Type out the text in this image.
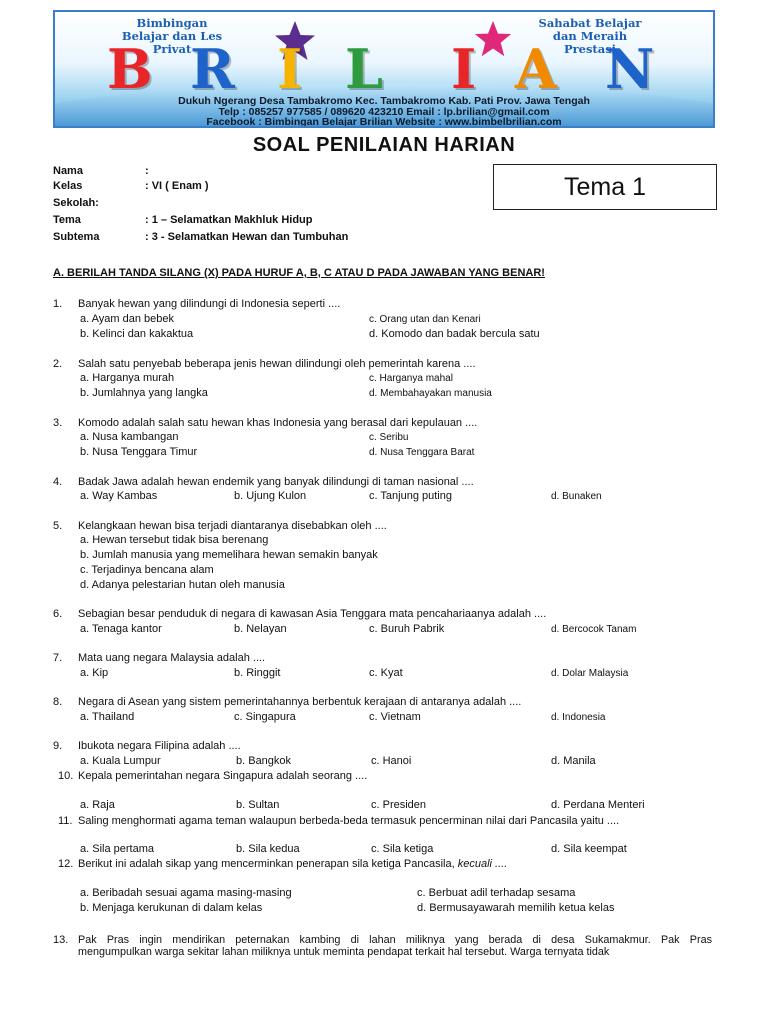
Bimbingan Belajar dan Les Privat
Sahabat Belajar dan Meraih Prestasi
B R I L I A N
Dukuh Ngerang Desa Tambakromo Kec. Tambakromo Kab. Pati Prov. Jawa Tengah
Telp : 085257 977585 / 089620 423210 Email : lp.brilian@gmail.com
Facebook : Bimbingan Belajar Brilian Website : www.bimbelbrilian.com
SOAL PENILAIAN HARIAN
Tema 1
Nama	:
Kelas	: VI ( Enam )
Sekolah:
Tema	: 1 – Selamatkan Makhluk Hidup
Subtema	: 3 - Selamatkan Hewan dan Tumbuhan
A. BERILAH TANDA SILANG (X) PADA HURUF A, B, C ATAU D PADA JAWABAN YANG BENAR!
1. Banyak hewan yang dilindungi di Indonesia seperti ....
a. Ayam dan bebek	c. Orang utan dan Kenari
b. Kelinci dan kakaktua	d. Komodo dan badak bercula satu
2. Salah satu penyebab beberapa jenis hewan dilindungi oleh pemerintah karena ....
a. Harganya murah	c. Harganya mahal
b. Jumlahnya yang langka	d. Membahayakan manusia
3. Komodo adalah salah satu hewan khas Indonesia yang berasal dari kepulauan ....
a. Nusa kambangan	c. Seribu
b. Nusa Tenggara Timur	d. Nusa Tenggara Barat
4. Badak Jawa adalah hewan endemik yang banyak dilindungi di taman nasional ....
a. Way Kambas	b. Ujung Kulon	c. Tanjung puting	d. Bunaken
5. Kelangkaan hewan bisa terjadi diantaranya disebabkan oleh ....
a. Hewan tersebut tidak bisa berenang
b. Jumlah manusia yang memelihara hewan semakin banyak
c. Terjadinya bencana alam
d. Adanya pelestarian hutan oleh manusia
6. Sebagian besar penduduk di negara di kawasan Asia Tenggara mata pencahariaanya adalah ....
a. Tenaga kantor	b. Nelayan	c. Buruh Pabrik	d. Bercocok Tanam
7. Mata uang negara Malaysia adalah ....
a. Kip	b. Ringgit	c. Kyat	d. Dolar Malaysia
8. Negara di Asean yang sistem pemerintahannya berbentuk kerajaan di antaranya adalah ....
a. Thailand	c. Singapura	c. Vietnam	d. Indonesia
9. Ibukota negara Filipina adalah ....
a. Kuala Lumpur	b. Bangkok	c. Hanoi	d. Manila
10. Kepala pemerintahan negara Singapura adalah seorang ....
a. Raja	b. Sultan	c. Presiden	d. Perdana Menteri
11. Saling menghormati agama teman walaupun berbeda-beda termasuk pencerminan nilai dari Pancasila yaitu ....
a. Sila pertama	b. Sila kedua	c. Sila ketiga	d. Sila keempat
12. Berikut ini adalah sikap yang mencerminkan penerapan sila ketiga Pancasila, kecuali ....
a. Beribadah sesuai agama masing-masing	c. Berbuat adil terhadap sesama
b. Menjaga kerukunan di dalam kelas	d. Bermusayawarah memilih ketua kelas
13. Pak Pras ingin mendirikan peternakan kambing di lahan miliknya yang berada di desa Sukamakmur. Pak Pras
mengumpulkan warga sekitar lahan miliknya untuk meminta pendapat terkait hal tersebut. Warga ternyata tidak
